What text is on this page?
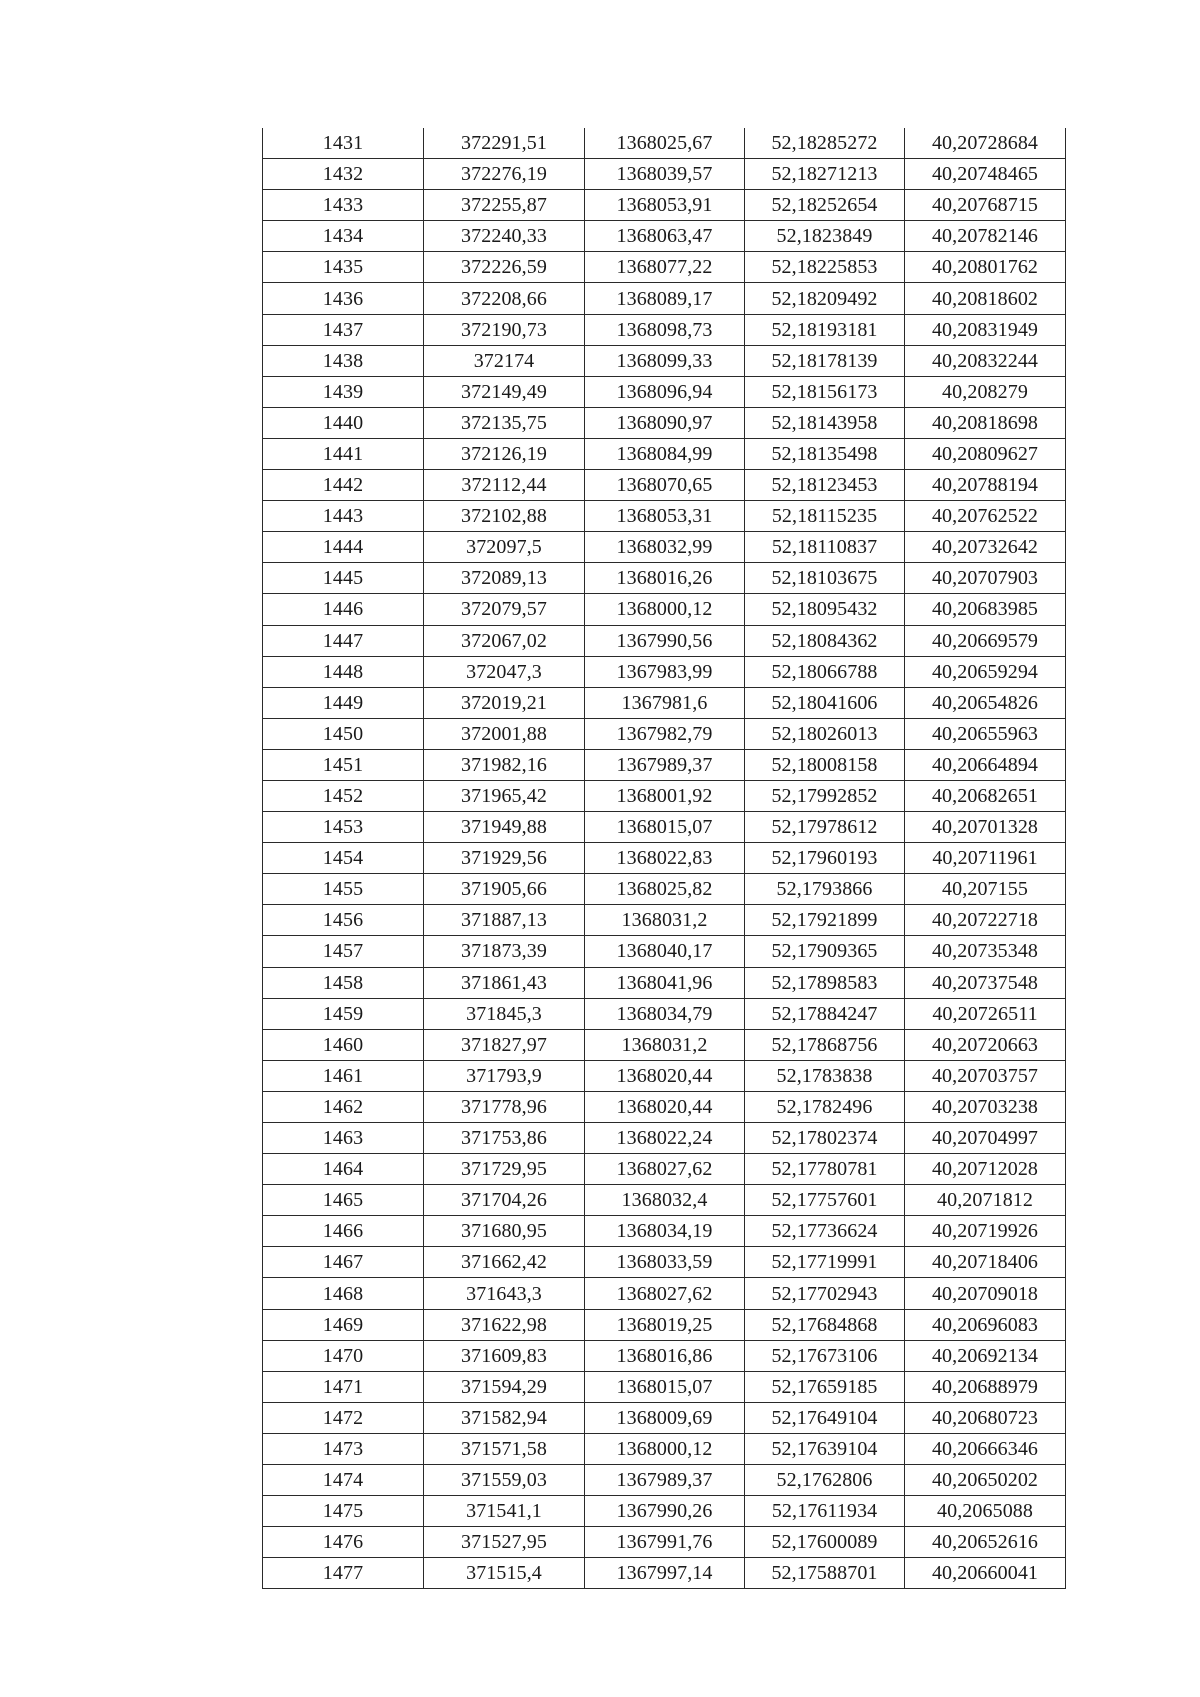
1431	372291,51	1368025,67	52,18285272	40,20728684
1432	372276,19	1368039,57	52,18271213	40,20748465
1433	372255,87	1368053,91	52,18252654	40,20768715
1434	372240,33	1368063,47	52,1823849	40,20782146
1435	372226,59	1368077,22	52,18225853	40,20801762
1436	372208,66	1368089,17	52,18209492	40,20818602
1437	372190,73	1368098,73	52,18193181	40,20831949
1438	372174	1368099,33	52,18178139	40,20832244
1439	372149,49	1368096,94	52,18156173	40,208279
1440	372135,75	1368090,97	52,18143958	40,20818698
1441	372126,19	1368084,99	52,18135498	40,20809627
1442	372112,44	1368070,65	52,18123453	40,20788194
1443	372102,88	1368053,31	52,18115235	40,20762522
1444	372097,5	1368032,99	52,18110837	40,20732642
1445	372089,13	1368016,26	52,18103675	40,20707903
1446	372079,57	1368000,12	52,18095432	40,20683985
1447	372067,02	1367990,56	52,18084362	40,20669579
1448	372047,3	1367983,99	52,18066788	40,20659294
1449	372019,21	1367981,6	52,18041606	40,20654826
1450	372001,88	1367982,79	52,18026013	40,20655963
1451	371982,16	1367989,37	52,18008158	40,20664894
1452	371965,42	1368001,92	52,17992852	40,20682651
1453	371949,88	1368015,07	52,17978612	40,20701328
1454	371929,56	1368022,83	52,17960193	40,20711961
1455	371905,66	1368025,82	52,1793866	40,207155
1456	371887,13	1368031,2	52,17921899	40,20722718
1457	371873,39	1368040,17	52,17909365	40,20735348
1458	371861,43	1368041,96	52,17898583	40,20737548
1459	371845,3	1368034,79	52,17884247	40,20726511
1460	371827,97	1368031,2	52,17868756	40,20720663
1461	371793,9	1368020,44	52,1783838	40,20703757
1462	371778,96	1368020,44	52,1782496	40,20703238
1463	371753,86	1368022,24	52,17802374	40,20704997
1464	371729,95	1368027,62	52,17780781	40,20712028
1465	371704,26	1368032,4	52,17757601	40,2071812
1466	371680,95	1368034,19	52,17736624	40,20719926
1467	371662,42	1368033,59	52,17719991	40,20718406
1468	371643,3	1368027,62	52,17702943	40,20709018
1469	371622,98	1368019,25	52,17684868	40,20696083
1470	371609,83	1368016,86	52,17673106	40,20692134
1471	371594,29	1368015,07	52,17659185	40,20688979
1472	371582,94	1368009,69	52,17649104	40,20680723
1473	371571,58	1368000,12	52,17639104	40,20666346
1474	371559,03	1367989,37	52,1762806	40,20650202
1475	371541,1	1367990,26	52,17611934	40,2065088
1476	371527,95	1367991,76	52,17600089	40,20652616
1477	371515,4	1367997,14	52,17588701	40,20660041
